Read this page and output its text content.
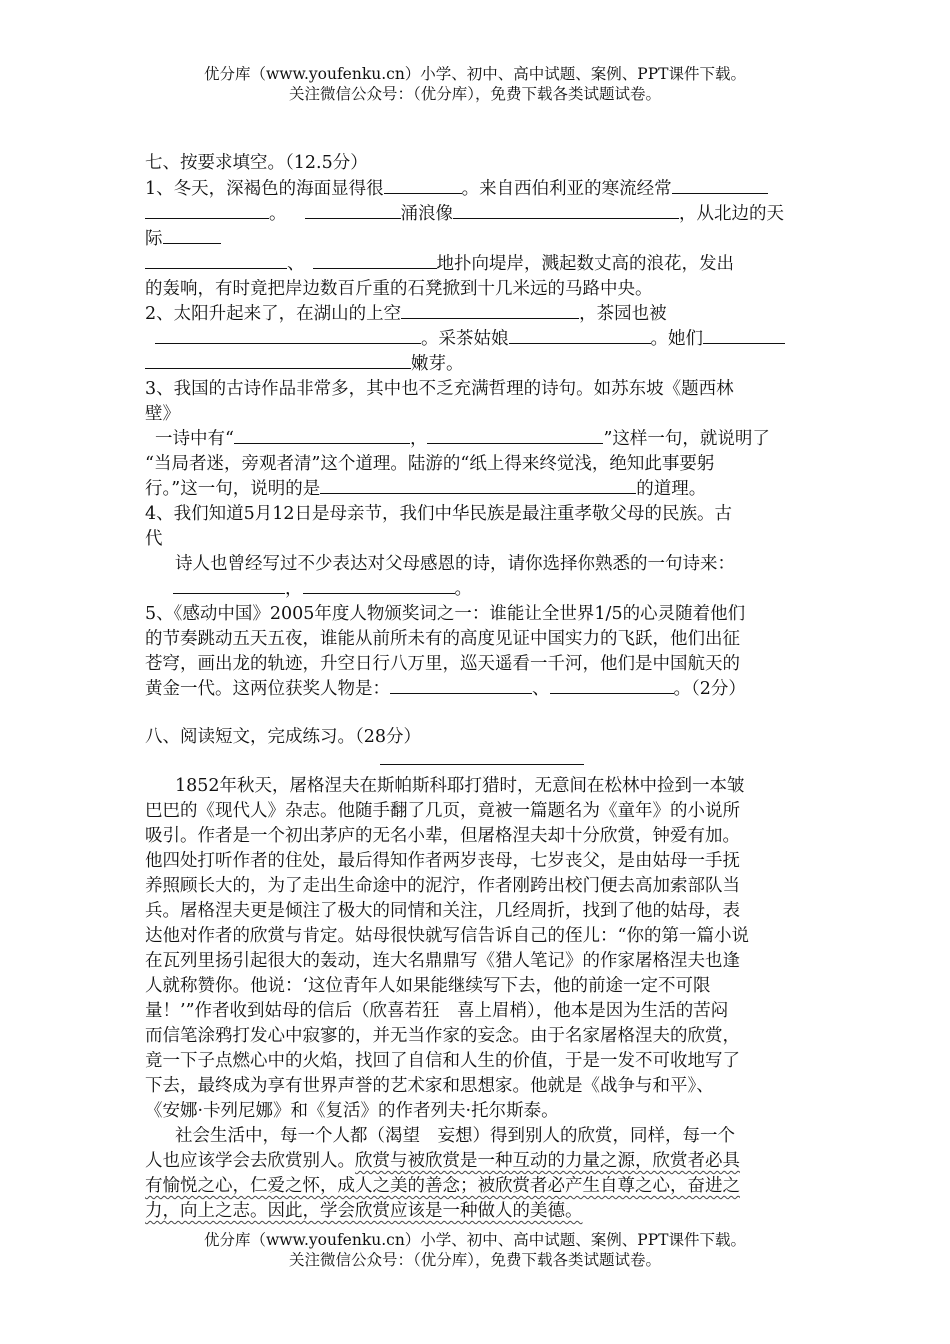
优分库（www.youfenku.cn）小学、初中、高中试题、案例、PPT课件下载。
关注微信公众号：（优分库），免费下载各类试题试卷。
七、按要求填空。（12.5分）
1、冬天，深褐色的海面显得很	。来自西伯利亚的寒流经常
。	涌浪像	，从北边的天
际
、	地扑向堤岸，溅起数丈高的浪花，发出
的轰响，有时竟把岸边数百斤重的石凳掀到十几米远的马路中央。
2、太阳升起来了，在湖山的上空	，茶园也被
。采茶姑娘	。她们
嫩芽。
3、我国的古诗作品非常多，其中也不乏充满哲理的诗句。如苏东坡《题西林
壁》
一诗中有“	，	”这样一句，就说明了
“当局者迷，旁观者清”这个道理。陆游的“纸上得来终觉浅，绝知此事要躬
行。”这一句，说明的是	的道理。
4、我们知道5月12日是母亲节，我们中华民族是最注重孝敬父母的民族。古
代
诗人也曾经写过不少表达对父母感恩的诗，请你选择你熟悉的一句诗来：
，	。
5、《感动中国》2005年度人物颁奖词之一：谁能让全世界1/5的心灵随着他们
的节奏跳动五天五夜，谁能从前所未有的高度见证中国实力的飞跃，他们出征
苍穹，画出龙的轨迹，升空日行八万里，巡天遥看一千河，他们是中国航天的
黄金一代。这两位获奖人物是：	、	。（2分）
八、阅读短文，完成练习。（28分）
1852年秋天，屠格涅夫在斯帕斯科耶打猎时，无意间在松林中捡到一本皱
巴巴的《现代人》杂志。他随手翻了几页，竟被一篇题名为《童年》的小说所
吸引。作者是一个初出茅庐的无名小辈，但屠格涅夫却十分欣赏，钟爱有加。
他四处打听作者的住处，最后得知作者两岁丧母，七岁丧父，是由姑母一手抚
养照顾长大的，为了走出生命途中的泥泞，作者刚跨出校门便去高加索部队当
兵。屠格涅夫更是倾注了极大的同情和关注，几经周折，找到了他的姑母，表
达他对作者的欣赏与肯定。姑母很快就写信告诉自己的侄儿：“你的第一篇小说
在瓦列里扬引起很大的轰动，连大名鼎鼎写《猎人笔记》的作家屠格涅夫也逢
人就称赞你。他说：‘这位青年人如果能继续写下去，他的前途一定不可限
量！’”作者收到姑母的信后（欣喜若狂　喜上眉梢），他本是因为生活的苦闷
而信笔涂鸦打发心中寂寥的，并无当作家的妄念。由于名家屠格涅夫的欣赏，
竟一下子点燃心中的火焰，找回了自信和人生的价值，于是一发不可收地写了
下去，最终成为享有世界声誉的艺术家和思想家。他就是《战争与和平》、
《安娜·卡列尼娜》和《复活》的作者列夫·托尔斯泰。
社会生活中，每一个人都（渴望　妄想）得到别人的欣赏，同样，每一个
人也应该学会去欣赏别人。欣赏与被欣赏是一种互动的力量之源，欣赏者必具
有愉悦之心，仁爱之怀，成人之美的善念；被欣赏者必产生自尊之心，奋进之
力，向上之志。因此，学会欣赏应该是一种做人的美德。
优分库（www.youfenku.cn）小学、初中、高中试题、案例、PPT课件下载。
关注微信公众号：（优分库），免费下载各类试题试卷。
